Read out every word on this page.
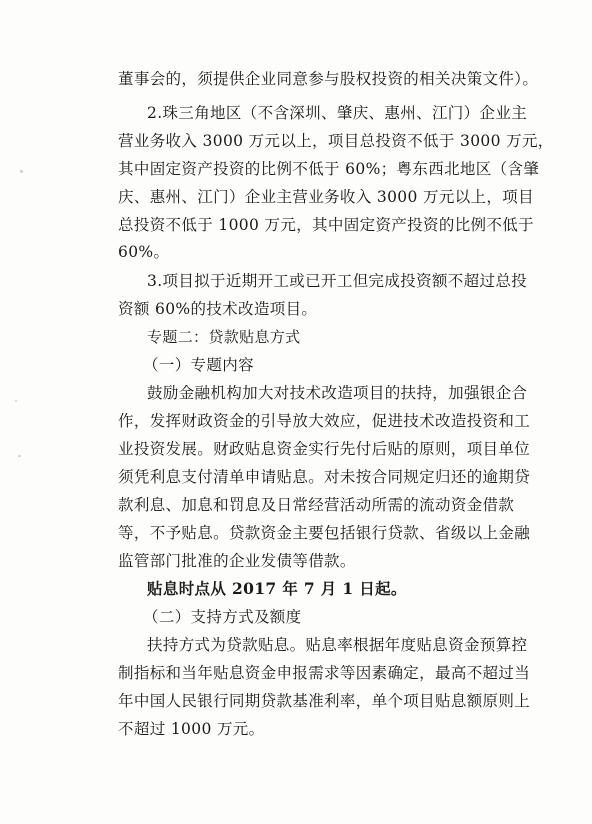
董事会的，须提供企业同意参与股权投资的相关决策文件）。
2.珠三角地区（不含深圳、肇庆、惠州、江门）企业主
营业务收入 3000 万元以上，项目总投资不低于 3000 万元，
其中固定资产投资的比例不低于 60%；粤东西北地区（含肇
庆、惠州、江门）企业主营业务收入 3000 万元以上，项目
总投资不低于 1000 万元，其中固定资产投资的比例不低于
60%。
3.项目拟于近期开工或已开工但完成投资额不超过总投
资额 60%的技术改造项目。
专题二：贷款贴息方式
（一）专题内容
鼓励金融机构加大对技术改造项目的扶持，加强银企合
作，发挥财政资金的引导放大效应，促进技术改造投资和工
业投资发展。财政贴息资金实行先付后贴的原则，项目单位
须凭利息支付清单申请贴息。对未按合同规定归还的逾期贷
款利息、加息和罚息及日常经营活动所需的流动资金借款
等，不予贴息。贷款资金主要包括银行贷款、省级以上金融
监管部门批准的企业发债等借款。
贴息时点从 2017 年 7 月 1 日起。
（二）支持方式及额度
扶持方式为贷款贴息。贴息率根据年度贴息资金预算控
制指标和当年贴息资金申报需求等因素确定，最高不超过当
年中国人民银行同期贷款基准利率，单个项目贴息额原则上
不超过 1000 万元。
